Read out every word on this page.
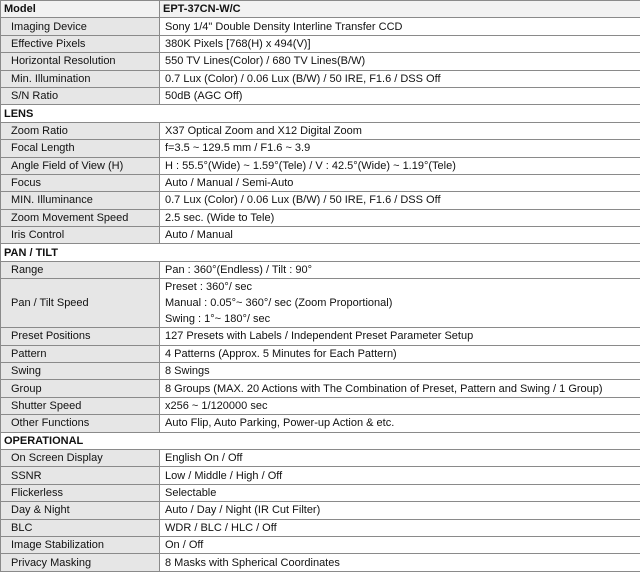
Model	EPT-37CN-W/C
Imaging Device	Sony 1/4" Double Density Interline Transfer CCD

Effective Pixels	380K Pixels [768(H) x 494(V)]

Horizontal Resolution	550 TV Lines(Color) / 680 TV Lines(B/W)

Min. Illumination	0.7 Lux (Color) / 0.06 Lux (B/W) / 50 IRE, F1.6 / DSS Off

S/N Ratio	50dB (AGC Off)

LENS	
Zoom Ratio	X37 Optical Zoom and X12 Digital Zoom

Focal Length	f=3.5 ~ 129.5 mm / F1.6 ~ 3.9

Angle Field of View (H)	H : 55.5°(Wide) ~ 1.59°(Tele) / V : 42.5°(Wide) ~ 1.19°(Tele)

Focus	Auto / Manual / Semi-Auto

MIN. Illuminance	0.7 Lux (Color) / 0.06 Lux (B/W) / 50 IRE, F1.6 / DSS Off

Zoom Movement Speed	2.5 sec. (Wide to Tele)

Iris Control	Auto / Manual

PAN / TILT	
Range	Pan : 360°(Endless) / Tilt : 90°

Pan / Tilt Speed	Preset : 360°/ sec
Manual : 0.05°~ 360°/ sec (Zoom Proportional)
Swing : 1°~ 180°/ sec

Preset Positions	127 Presets with Labels / Independent Preset Parameter Setup

Pattern	4 Patterns (Approx. 5 Minutes for Each Pattern)

Swing	8 Swings

Group	8 Groups (MAX. 20 Actions with The Combination of Preset, Pattern and Swing / 1 Group)

Shutter Speed	x256 ~ 1/120000 sec

Other Functions	Auto Flip, Auto Parking, Power-up Action & etc.

OPERATIONAL	
On Screen Display	English On / Off

SSNR	Low / Middle / High / Off

Flickerless	Selectable

Day & Night	Auto / Day / Night (IR Cut Filter)

BLC	WDR / BLC / HLC / Off

Image Stabilization	On / Off

Privacy Masking	8 Masks with Spherical Coordinates
